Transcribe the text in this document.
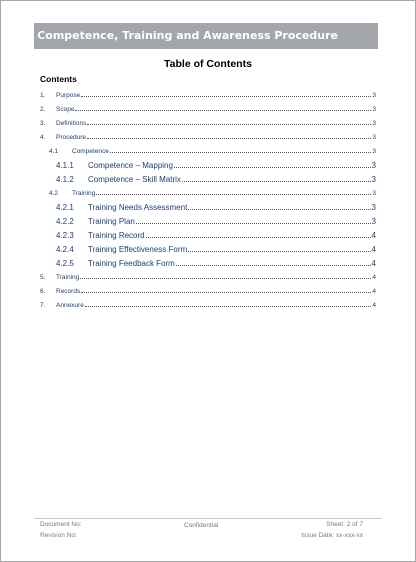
Competence, Training and Awareness Procedure
Table of Contents
Contents
1. Purpose	3
2. Scope	3
3. Definitions	3
4. Procedure	3
4.1 Competence	3
4.1.1 Competence – Mapping	3
4.1.2 Competence – Skill Matrix	3
4.2 Training	3
4.2.1 Training Needs Assessment	3
4.2.2 Training Plan	3
4.2.3 Training Record	4
4.2.4 Training Effectiveness Form	4
4.2.5 Training Feedback Form	4
5. Training	4
6. Records	4
7. Annexure	4
Document No:
Revision No:
Confidential	Sheet: 2 of 7
Issue Date: xx-xxx-xx
